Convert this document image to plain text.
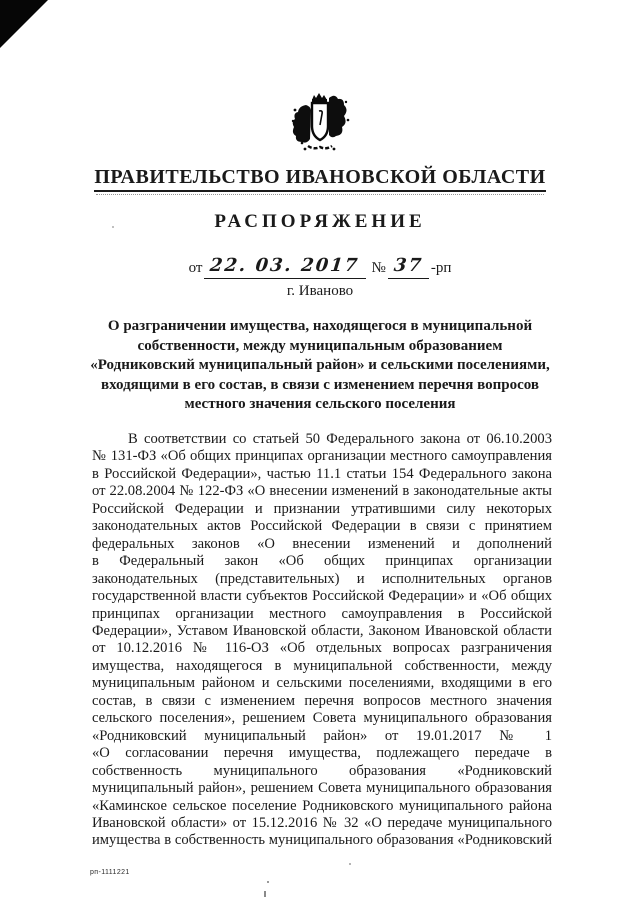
ПРАВИТЕЛЬСТВО ИВАНОВСКОЙ ОБЛАСТИ
РАСПОРЯЖЕНИЕ
от 22. 03. 2017 № 37 -рп
г. Иваново
О разграничении имущества, находящегося в муниципальной
собственности, между муниципальным образованием
«Родниковский муниципальный район» и сельскими поселениями,
входящими в его состав, в связи с изменением перечня вопросов
местного значения сельского поселения
В соответствии со статьей 50 Федерального закона от 06.10.2003
№ 131-ФЗ «Об общих принципах организации местного самоуправления
в Российской Федерации», частью 11.1 статьи 154 Федерального закона
от 22.08.2004 № 122-ФЗ «О внесении изменений в законодательные акты
Российской Федерации и признании утратившими силу некоторых
законодательных актов Российской Федерации в связи с принятием
федеральных законов «О внесении изменений и дополнений
в Федеральный закон «Об общих принципах организации
законодательных (представительных) и исполнительных органов
государственной власти субъектов Российской Федерации» и «Об общих
принципах организации местного самоуправления в Российской
Федерации», Уставом Ивановской области, Законом Ивановской области
от 10.12.2016 № 116-ОЗ «Об отдельных вопросах разграничения
имущества, находящегося в муниципальной собственности, между
муниципальным районом и сельскими поселениями, входящими в его
состав, в связи с изменением перечня вопросов местного значения
сельского поселения», решением Совета муниципального образования
«Родниковский муниципальный район» от 19.01.2017 № 1
«О согласовании перечня имущества, подлежащего передаче в
собственность муниципального образования «Родниковский
муниципальный район», решением Совета муниципального образования
«Каминское сельское поселение Родниковского муниципального района
Ивановской области» от 15.12.2016 № 32 «О передаче муниципального
имущества в собственность муниципального образования «Родниковский
рп-1111221
